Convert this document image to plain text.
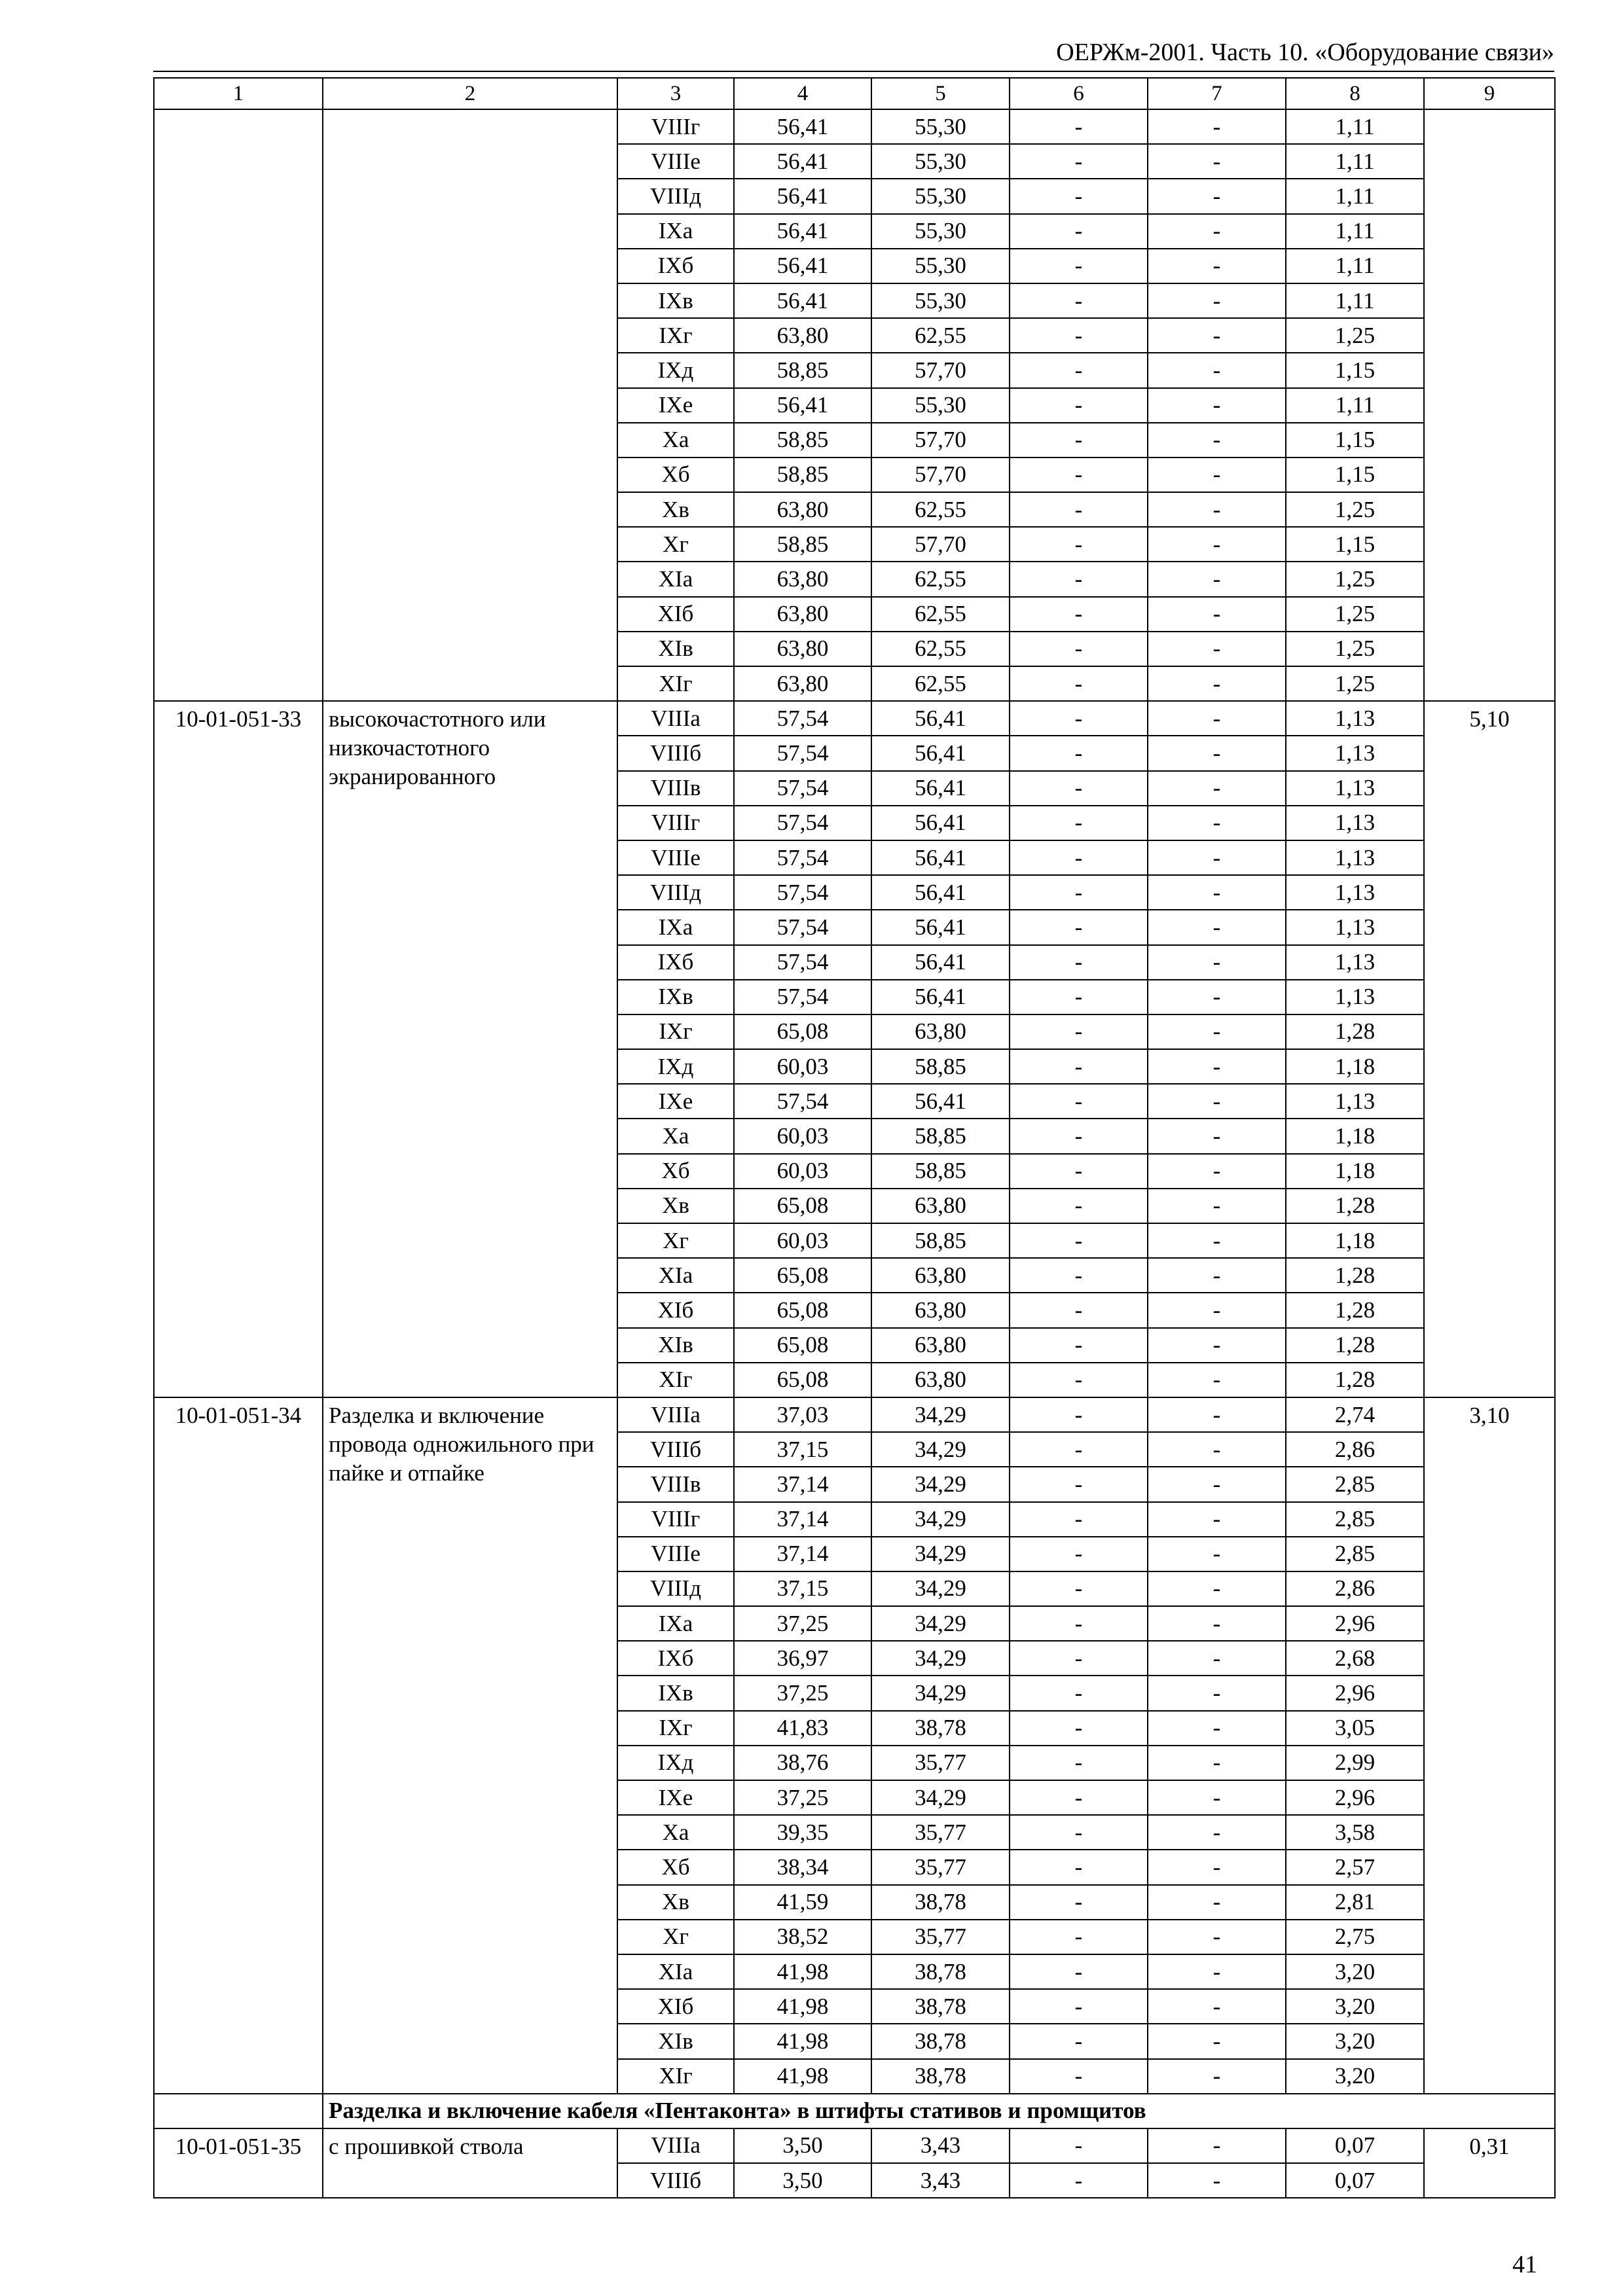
ОЕРЖм-2001. Часть 10. «Оборудование связи»
1	2	3	4	5	6	7	8	9
		VIIIг	56,41	55,30	-	-	1,11	
		VIIIе	56,41	55,30	-	-	1,11	
		VIIIд	56,41	55,30	-	-	1,11	
		IXа	56,41	55,30	-	-	1,11	
		IXб	56,41	55,30	-	-	1,11	
		IXв	56,41	55,30	-	-	1,11	
		IXг	63,80	62,55	-	-	1,25	
		IXд	58,85	57,70	-	-	1,15	
		IXе	56,41	55,30	-	-	1,11	
		Xа	58,85	57,70	-	-	1,15	
		Xб	58,85	57,70	-	-	1,15	
		Xв	63,80	62,55	-	-	1,25	
		Xг	58,85	57,70	-	-	1,15	
		XIа	63,80	62,55	-	-	1,25	
		XIб	63,80	62,55	-	-	1,25	
		XIв	63,80	62,55	-	-	1,25	
		XIг	63,80	62,55	-	-	1,25	
10-01-051-33	высокочастотного или низкочастотного экранированного	VIIIа	57,54	56,41	-	-	1,13	5,10
		VIIIб	57,54	56,41	-	-	1,13	
		VIIIв	57,54	56,41	-	-	1,13	
		VIIIг	57,54	56,41	-	-	1,13	
		VIIIе	57,54	56,41	-	-	1,13	
		VIIIд	57,54	56,41	-	-	1,13	
		IXа	57,54	56,41	-	-	1,13	
		IXб	57,54	56,41	-	-	1,13	
		IXв	57,54	56,41	-	-	1,13	
		IXг	65,08	63,80	-	-	1,28	
		IXд	60,03	58,85	-	-	1,18	
		IXе	57,54	56,41	-	-	1,13	
		Xа	60,03	58,85	-	-	1,18	
		Xб	60,03	58,85	-	-	1,18	
		Xв	65,08	63,80	-	-	1,28	
		Xг	60,03	58,85	-	-	1,18	
		XIа	65,08	63,80	-	-	1,28	
		XIб	65,08	63,80	-	-	1,28	
		XIв	65,08	63,80	-	-	1,28	
		XIг	65,08	63,80	-	-	1,28	
10-01-051-34	Разделка и включение провода одножильного при пайке и отпайке	VIIIа	37,03	34,29	-	-	2,74	3,10
		VIIIб	37,15	34,29	-	-	2,86	
		VIIIв	37,14	34,29	-	-	2,85	
		VIIIг	37,14	34,29	-	-	2,85	
		VIIIе	37,14	34,29	-	-	2,85	
		VIIIд	37,15	34,29	-	-	2,86	
		IXа	37,25	34,29	-	-	2,96	
		IXб	36,97	34,29	-	-	2,68	
		IXв	37,25	34,29	-	-	2,96	
		IXг	41,83	38,78	-	-	3,05	
		IXд	38,76	35,77	-	-	2,99	
		IXе	37,25	34,29	-	-	2,96	
		Xа	39,35	35,77	-	-	3,58	
		Xб	38,34	35,77	-	-	2,57	
		Xв	41,59	38,78	-	-	2,81	
		Xг	38,52	35,77	-	-	2,75	
		XIа	41,98	38,78	-	-	3,20	
		XIб	41,98	38,78	-	-	3,20	
		XIв	41,98	38,78	-	-	3,20	
		XIг	41,98	38,78	-	-	3,20	
	Разделка и включение кабеля «Пентаконта» в штифты стативов и промщитов							
10-01-051-35	с прошивкой ствола	VIIIа	3,50	3,43	-	-	0,07	0,31
		VIIIб	3,50	3,43	-	-	0,07	
41
